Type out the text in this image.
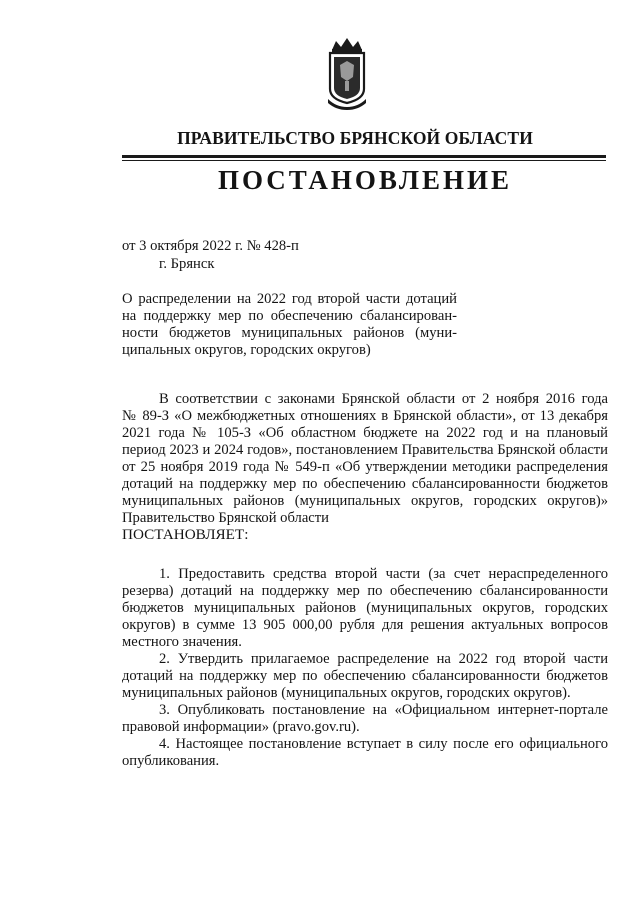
ПРАВИТЕЛЬСТВО БРЯНСКОЙ ОБЛАСТИ
ПОСТАНОВЛЕНИЕ
от 3 октября 2022 г. № 428-п
г. Брянск
О распределении на 2022 год второй части дотаций
на поддержку мер по обеспечению сбалансирован-
ности бюджетов муниципальных районов (муни-
ципальных округов, городских округов)
В соответствии с законами Брянской области от 2 ноября 2016 года
№ 89-З «О межбюджетных отношениях в Брянской области», от 13 декабря
2021 года № 105-З «Об областном бюджете на 2022 год и на плановый
период 2023 и 2024 годов», постановлением Правительства Брянской области
от 25 ноября 2019 года № 549-п «Об утверждении методики распределения
дотаций на поддержку мер по обеспечению сбалансированности бюджетов
муниципальных районов (муниципальных округов, городских округов)»
Правительство Брянской области
ПОСТАНОВЛЯЕТ:
1. Предоставить средства второй части (за счет нераспределенного
резерва) дотаций на поддержку мер по обеспечению сбалансированности
бюджетов муниципальных районов (муниципальных округов, городских
округов) в сумме 13 905 000,00 рубля для решения актуальных вопросов
местного значения.
2. Утвердить прилагаемое распределение на 2022 год второй части
дотаций на поддержку мер по обеспечению сбалансированности бюджетов
муниципальных районов (муниципальных округов, городских округов).
3. Опубликовать постановление на «Официальном интернет-портале
правовой информации» (pravo.gov.ru).
4. Настоящее постановление вступает в силу после его официального
опубликования.
